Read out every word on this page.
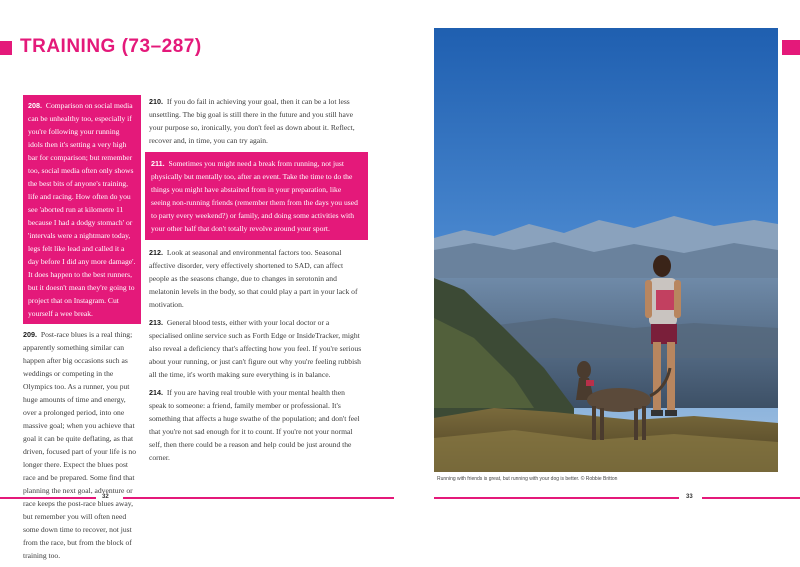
TRAINING (73–287)
208. Comparison on social media can be unhealthy too, especially if you're following your running idols then it's setting a very high bar for comparison; but remember too, social media often only shows the best bits of anyone's training, life and racing. How often do you see 'aborted run at kilometre 11 because I had a dodgy stomach' or 'intervals were a nightmare today, legs felt like lead and called it a day before I did any more damage'. It does happen to the best runners, but it doesn't mean they're going to project that on Instagram. Cut yourself a wee break.

209. Post-race blues is a real thing; apparently something similar can happen after big occasions such as weddings or competing in the Olympics too. As a runner, you put huge amounts of time and energy, over a prolonged period, into one massive goal; when you achieve that goal it can be quite deflating, as that driven, focused part of your life is no longer there. Expect the blues post race and be prepared. Some find that planning the next goal, adventure or race keeps the post-race blues away, but remember you will often need some down time to recover, not just from the race, but from the block of training too.

210. If you do fail in achieving your goal, then it can be a lot less unsettling. The big goal is still there in the future and you still have your purpose so, ironically, you don't feel as down about it. Reflect, recover and, in time, you can try again.

211. Sometimes you might need a break from running, not just physically but mentally too, after an event. Take the time to do the things you might have abstained from in your preparation, like seeing non-running friends (remember them from the days you used to party every weekend?) or family, and doing some activities with your other half that don't totally revolve around your sport.

212. Look at seasonal and environmental factors too. Seasonal affective disorder, very effectively shortened to SAD, can affect people as the seasons change, due to changes in serotonin and melatonin levels in the body, so that could play a part in your lack of motivation.

213. General blood tests, either with your local doctor or a specialised online service such as Forth Edge or InsideTracker, might also reveal a deficiency that's affecting how you feel. If you're serious about your running, or just can't figure out why you're feeling rubbish all the time, it's worth making sure everything is in balance.

214. If you are having real trouble with your mental health then speak to someone: a friend, family member or professional. It's something that affects a huge swathe of the population; and don't feel that you're not sad enough for it to count. If you're not your normal self, then there could be a reason and help could be just around the corner.

Running with friends is great, but running with your dog is better. © Robbie Britton
32	33
